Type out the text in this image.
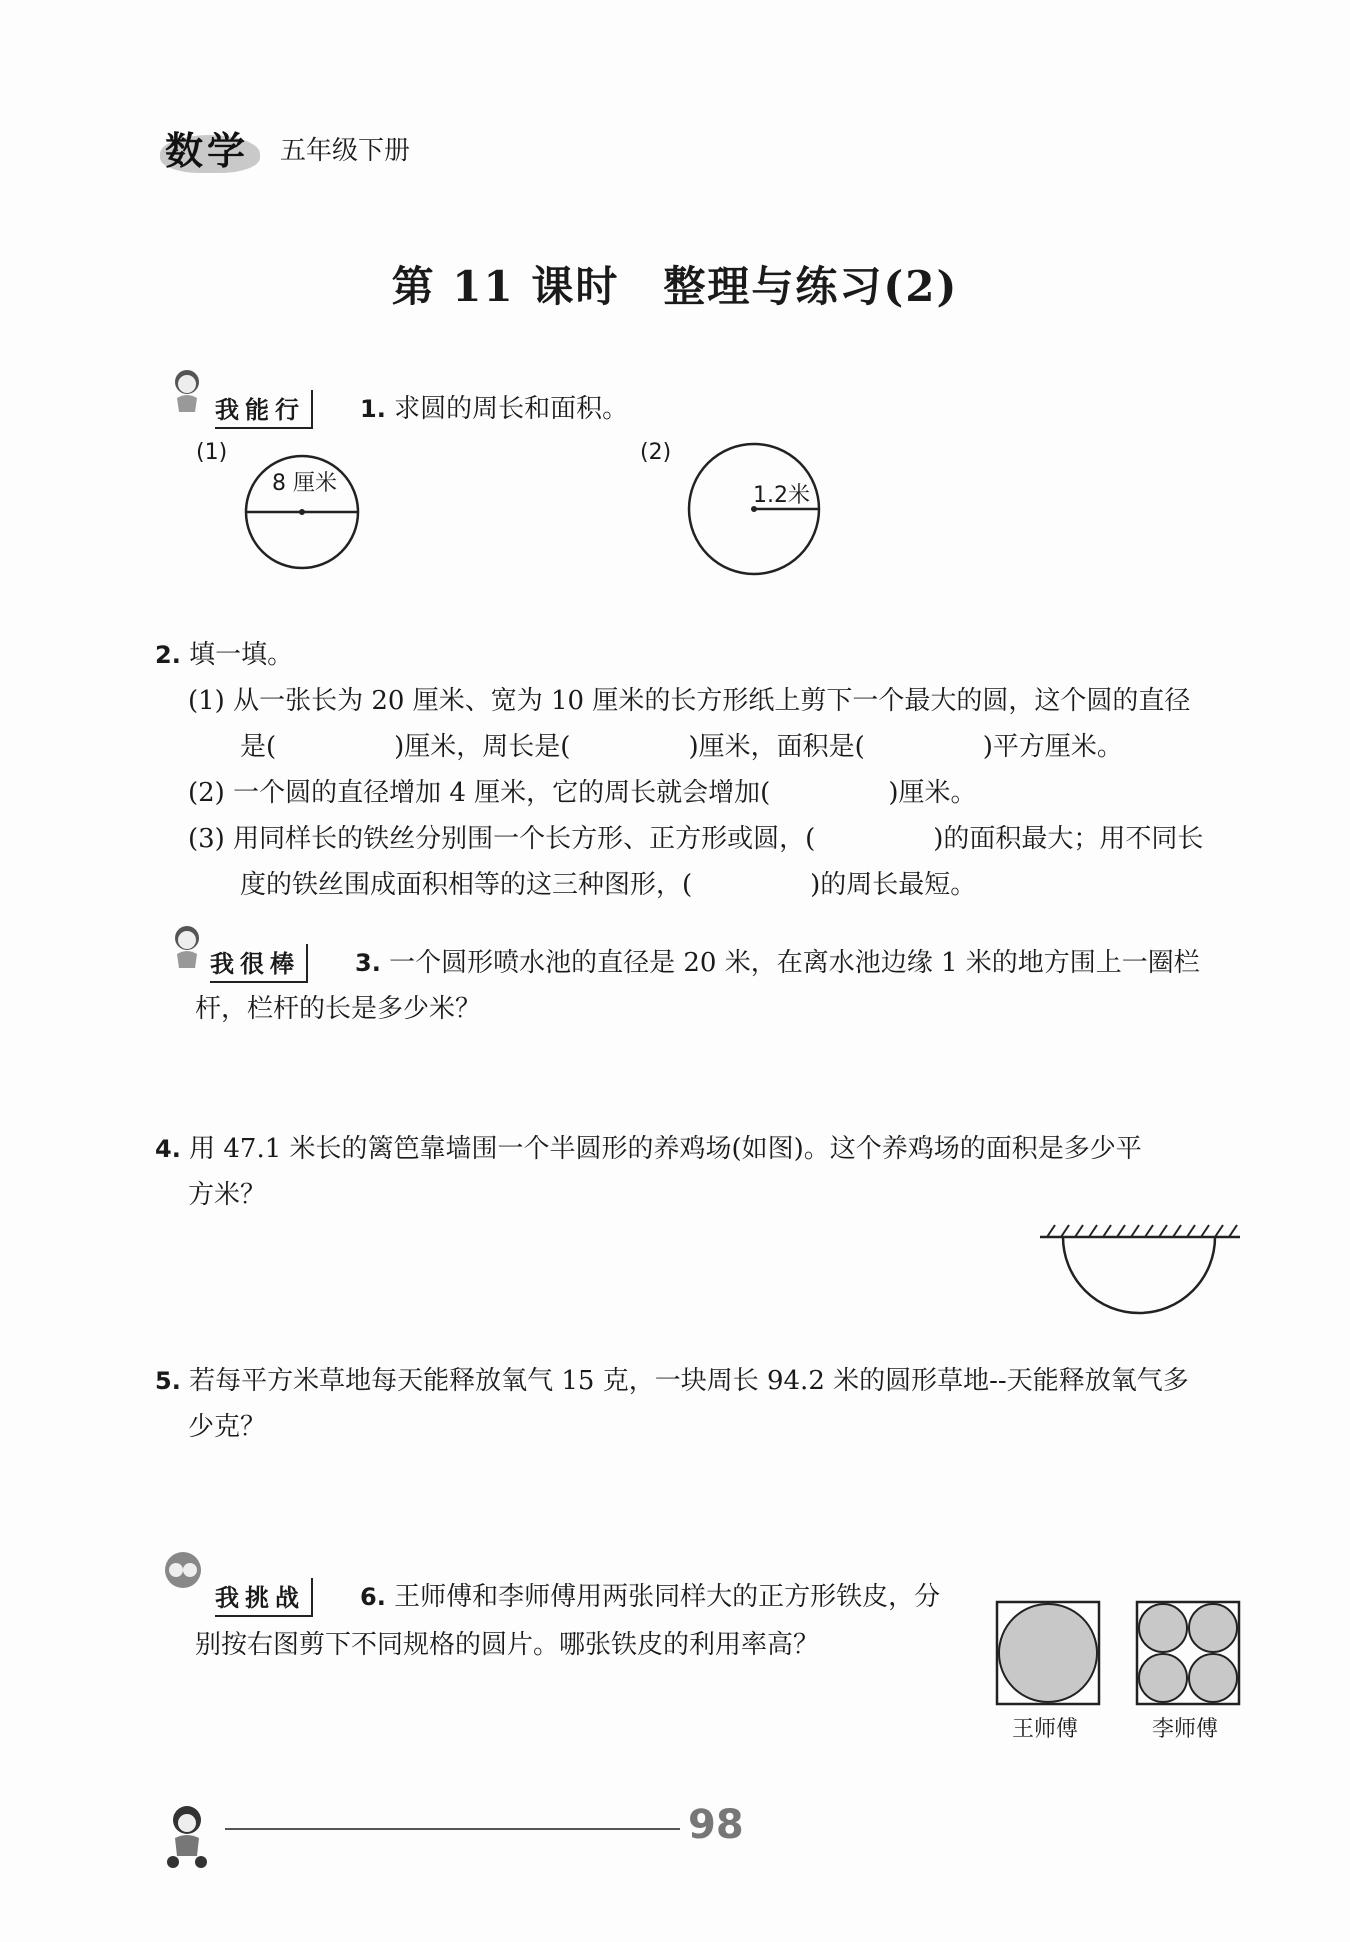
数学 五年级下册
第 11 课时　整理与练习(2)
我能行	1. 求圆的周长和面积。
(1)
8 厘米
(2)
1.2米
2. 填一填。
(1) 从一张长为 20 厘米、宽为 10 厘米的长方形纸上剪下一个最大的圆，这个圆的直径
是(	)厘米，周长是(	)厘米，面积是(	)平方厘米。
(2) 一个圆的直径增加 4 厘米，它的周长就会增加(	)厘米。
(3) 用同样长的铁丝分别围一个长方形、正方形或圆，(	)的面积最大；用不同长
度的铁丝围成面积相等的这三种图形，(	)的周长最短。
我很棒	3. 一个圆形喷水池的直径是 20 米，在离水池边缘 1 米的地方围上一圈栏
杆，栏杆的长是多少米？
4. 用 47.1 米长的篱笆靠墙围一个半圆形的养鸡场(如图)。这个养鸡场的面积是多少平
方米？
5. 若每平方米草地每天能释放氧气 15 克，一块周长 94.2 米的圆形草地--天能释放氧气多
少克？
我挑战	6. 王师傅和李师傅用两张同样大的正方形铁皮，分
别按右图剪下不同规格的圆片。哪张铁皮的利用率高？
王师傅	李师傅
98
